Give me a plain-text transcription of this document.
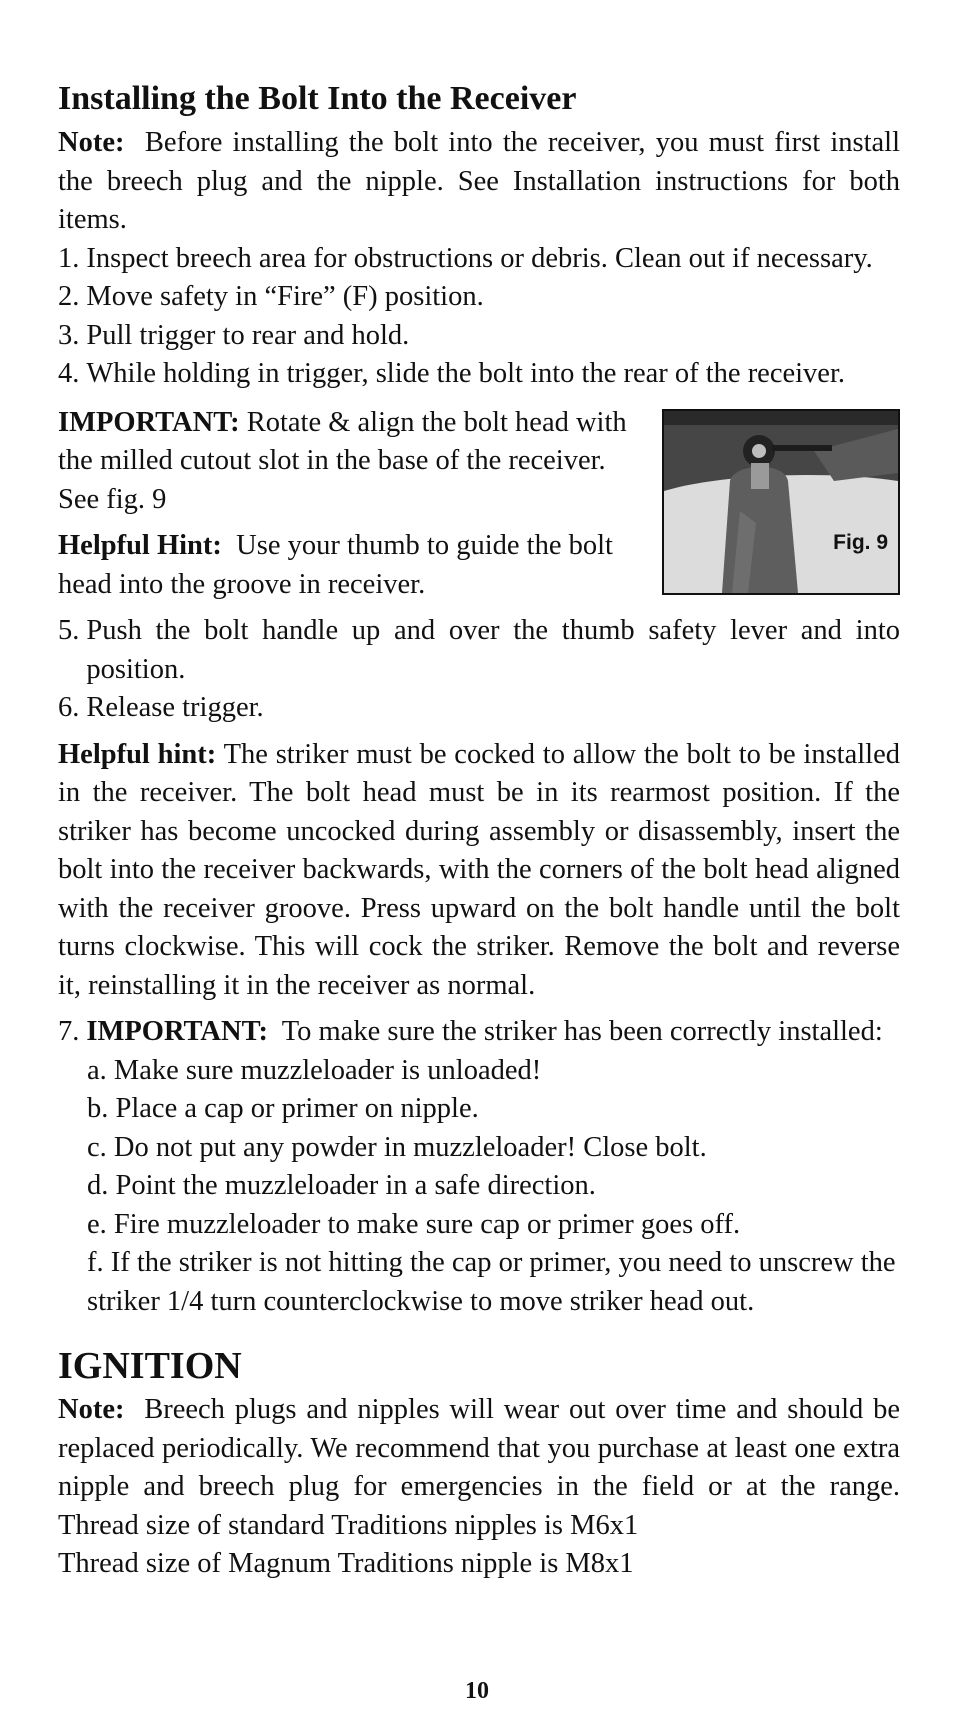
Installing the Bolt Into the Receiver

Note: Before installing the bolt into the receiver, you must first install the breech plug and the nipple. See Installation instructions for both items.

1. Inspect breech area for obstructions or debris. Clean out if necessary.
2. Move safety in “Fire” (F) position.
3. Pull trigger to rear and hold.
4. While holding in trigger, slide the bolt into the rear of the receiver.

IMPORTANT: Rotate & align the bolt head with the milled cutout slot in the base of the receiver. See fig. 9

Helpful Hint: Use your thumb to guide the bolt head into the groove in receiver.

Fig. 9
5. Push the bolt handle up and over the thumb safety lever and into position.
6. Release trigger.

Helpful hint: The striker must be cocked to allow the bolt to be installed in the receiver. The bolt head must be in its rearmost position. If the striker has become uncocked during assembly or disassembly, insert the bolt into the receiver backwards, with the corners of the bolt head aligned with the receiver groove. Press upward on the bolt handle until the bolt turns clockwise. This will cock the striker. Remove the bolt and reverse it, reinstalling it in the receiver as normal.

7. IMPORTANT: To make sure the striker has been correctly installed:
a. Make sure muzzleloader is unloaded!
b. Place a cap or primer on nipple.
c. Do not put any powder in muzzleloader! Close bolt.
d. Point the muzzleloader in a safe direction.
e. Fire muzzleloader to make sure cap or primer goes off.
f. If the striker is not hitting the cap or primer, you need to unscrew the striker 1/4 turn counterclockwise to move striker head out.
IGNITION

Note: Breech plugs and nipples will wear out over time and should be replaced periodically. We recommend that you purchase at least one extra nipple and breech plug for emergencies in the field or at the range. Thread size of standard Traditions nipples is M6x1

Thread size of Magnum Traditions nipple is M8x1

10
